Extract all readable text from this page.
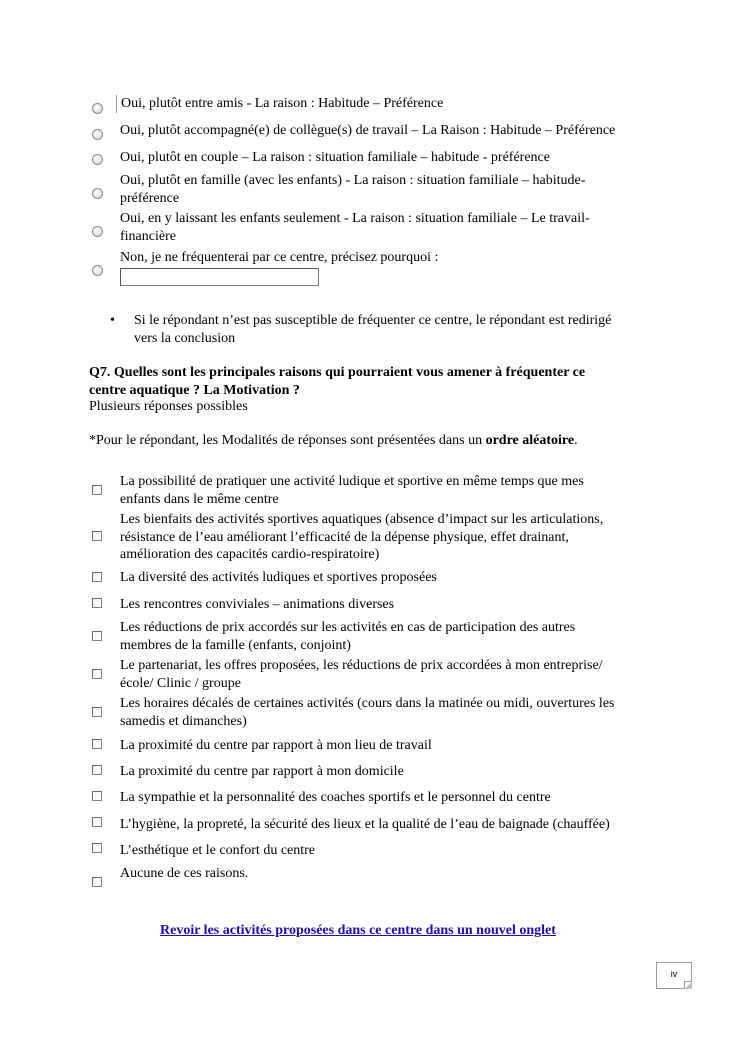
Oui, plutôt entre amis - La raison : Habitude – Préférence
Oui, plutôt accompagné(e) de collègue(s) de travail – La Raison : Habitude – Préférence
Oui, plutôt en couple – La raison : situation familiale – habitude - préférence
Oui, plutôt en famille (avec les enfants) - La raison : situation familiale – habitude-
préférence
Oui, en y laissant les enfants seulement - La raison : situation familiale – Le travail-
financière
Non, je ne fréquenterai par ce centre, précisez pourquoi :
• Si le répondant n’est pas susceptible de fréquenter ce centre, le répondant est redirigé
vers la conclusion
Q7. Quelles sont les principales raisons qui pourraient vous amener à fréquenter ce
centre aquatique ? La Motivation ?
Plusieurs réponses possibles
*Pour le répondant, les Modalités de réponses sont présentées dans un ordre aléatoire.
La possibilité de pratiquer une activité ludique et sportive en même temps que mes
enfants dans le même centre
Les bienfaits des activités sportives aquatiques (absence d’impact sur les articulations,
résistance de l’eau améliorant l’efficacité de la dépense physique, effet drainant,
amélioration des capacités cardio-respiratoire)
La diversité des activités ludiques et sportives proposées
Les rencontres conviviales – animations diverses
Les réductions de prix accordés sur les activités en cas de participation des autres
membres de la famille (enfants, conjoint)
Le partenariat, les offres proposées, les réductions de prix accordées à mon entreprise/
école/ Clinic / groupe
Les horaires décalés de certaines activités (cours dans la matinée ou midi, ouvertures les
samedis et dimanches)
La proximité du centre par rapport à mon lieu de travail
La proximité du centre par rapport à mon domicile
La sympathie et la personnalité des coaches sportifs et le personnel du centre
L’hygiène, la propreté, la sécurité des lieux et la qualité de l’eau de baignade (chauffée)
L’esthétique et le confort du centre
Aucune de ces raisons.
Revoir les activités proposées dans ce centre dans un nouvel onglet
iv
